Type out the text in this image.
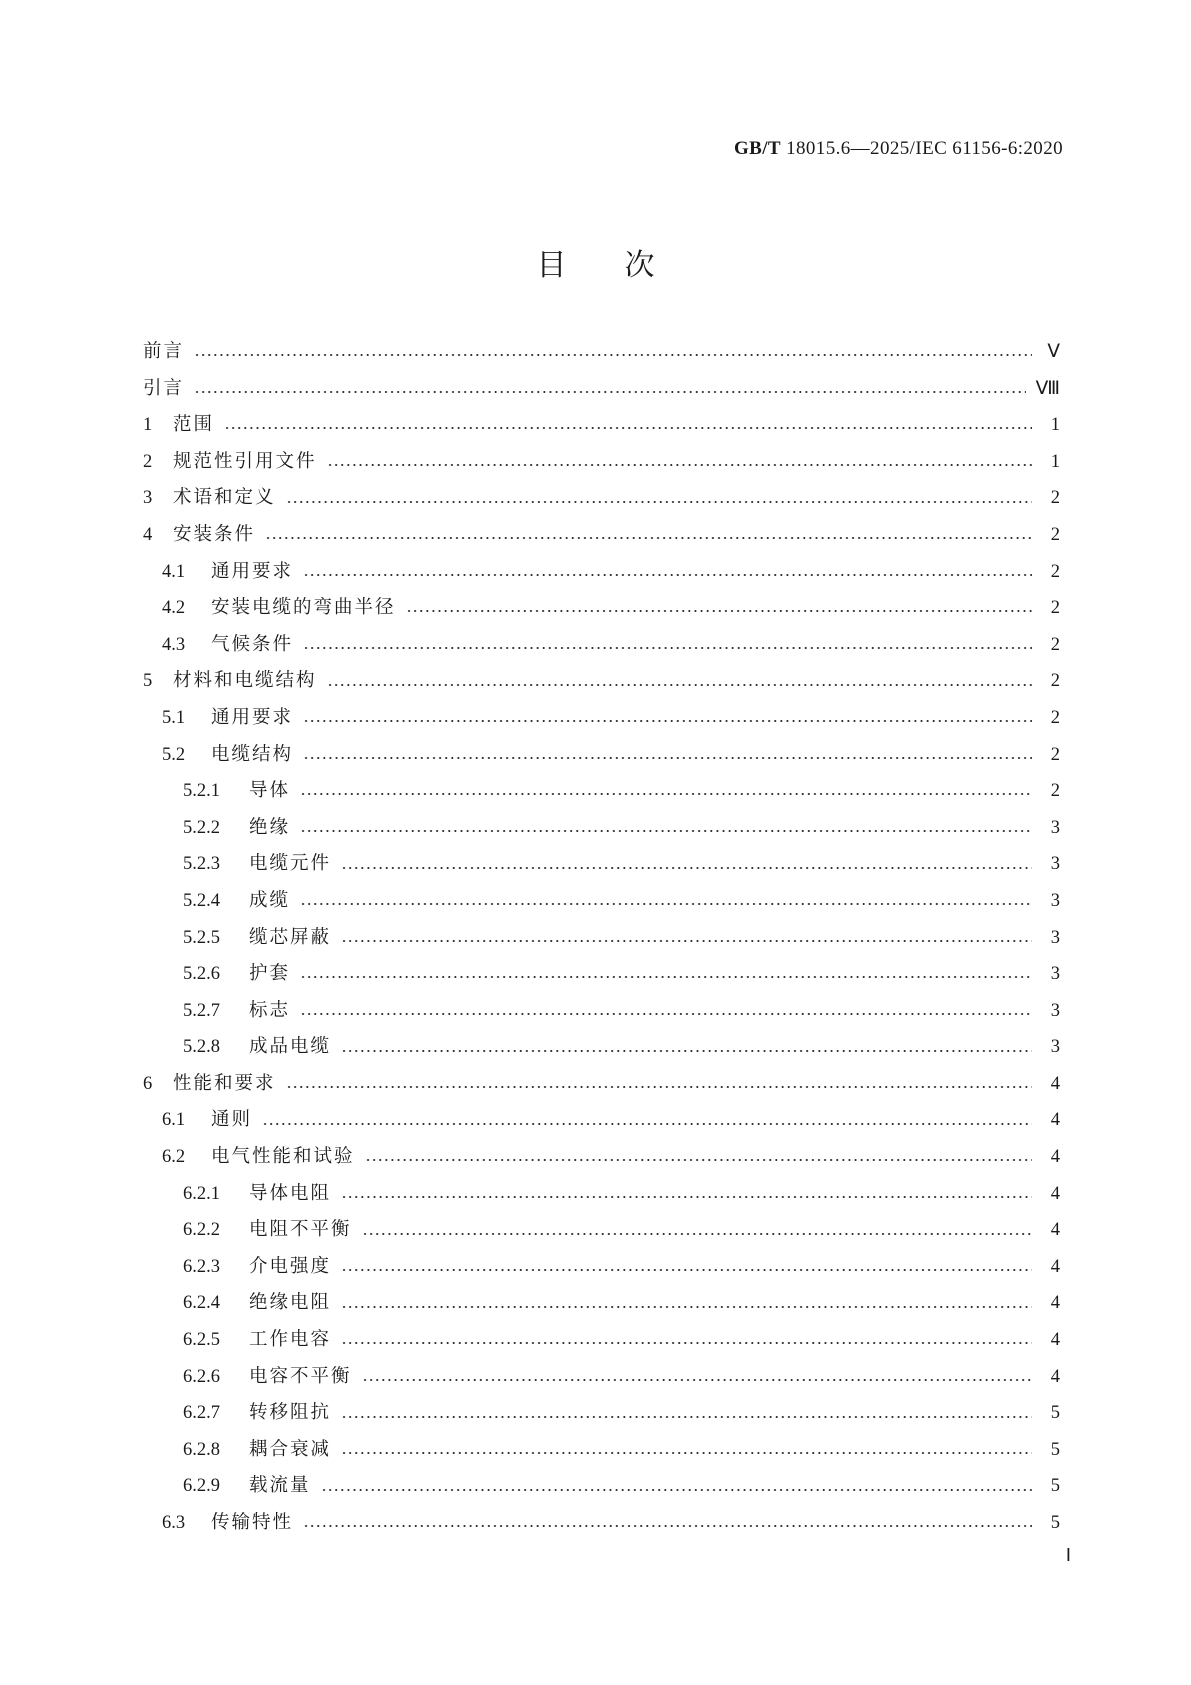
GB/T 18015.6—2025/IEC 61156-6:2020
目次
前言	Ⅴ
引言	Ⅷ
1	范围	1
2	规范性引用文件	1
3	术语和定义	2
4	安装条件	2
4.1	通用要求	2
4.2	安装电缆的弯曲半径	2
4.3	气候条件	2
5	材料和电缆结构	2
5.1	通用要求	2
5.2	电缆结构	2
5.2.1	导体	2
5.2.2	绝缘	3
5.2.3	电缆元件	3
5.2.4	成缆	3
5.2.5	缆芯屏蔽	3
5.2.6	护套	3
5.2.7	标志	3
5.2.8	成品电缆	3
6	性能和要求	4
6.1	通则	4
6.2	电气性能和试验	4
6.2.1	导体电阻	4
6.2.2	电阻不平衡	4
6.2.3	介电强度	4
6.2.4	绝缘电阻	4
6.2.5	工作电容	4
6.2.6	电容不平衡	4
6.2.7	转移阻抗	5
6.2.8	耦合衰减	5
6.2.9	载流量	5
6.3	传输特性	5
Ⅰ
